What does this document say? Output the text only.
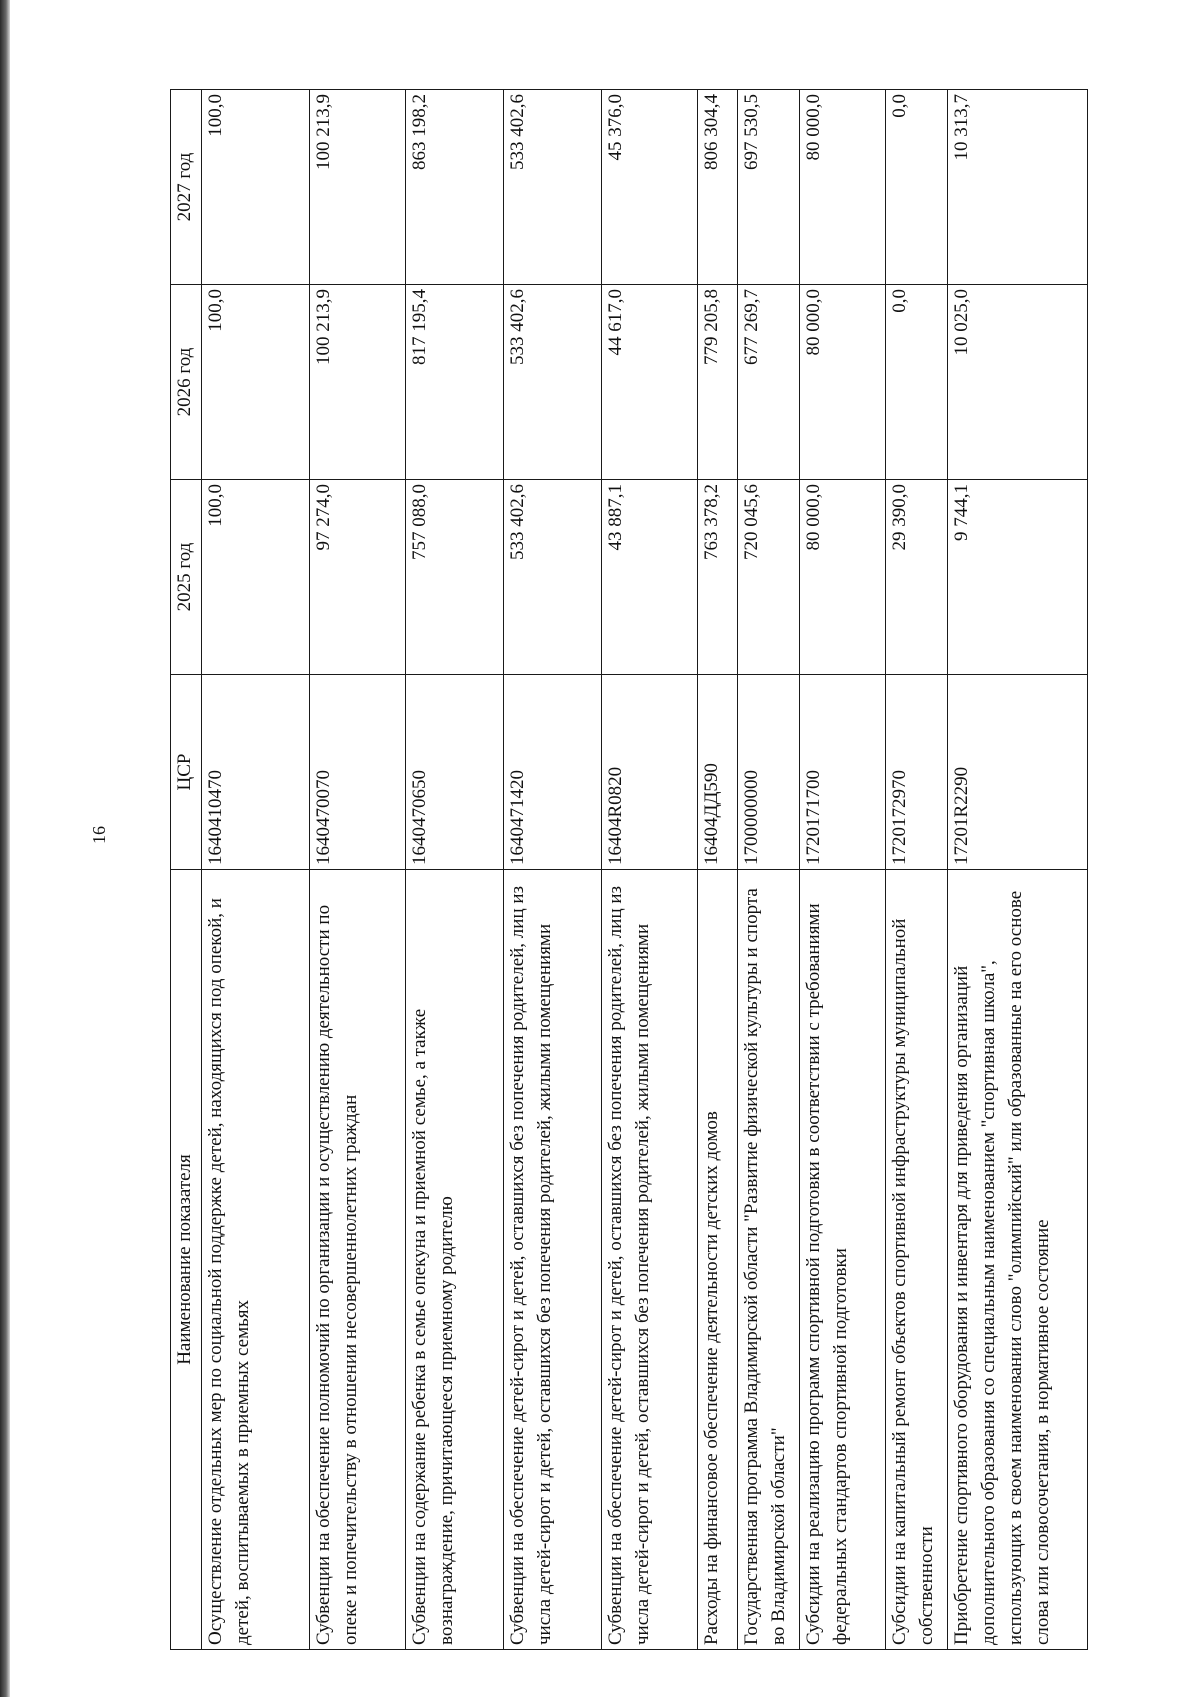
16
Наименование показателя	ЦСР	2025 год	2026 год	2027 год
Осуществление отдельных мер по социальной поддержке детей, находящихся под опекой, и детей, воспитываемых в приемных семьях	1640410470	100,0	100,0	100,0
Субвенции на обеспечение полномочий по организации и осуществлению деятельности по опеке и попечительству в отношении несовершеннолетних граждан	1640470070	97 274,0	100 213,9	100 213,9
Субвенции на содержание ребенка в семье опекуна и приемной семье, а также вознаграждение, причитающееся приемному родителю	1640470650	757 088,0	817 195,4	863 198,2
Субвенции на обеспечение детей-сирот и детей, оставшихся без попечения родителей, лиц из числа детей-сирот и детей, оставшихся без попечения родителей, жилыми помещениями	1640471420	533 402,6	533 402,6	533 402,6
Субвенции на обеспечение детей-сирот и детей, оставшихся без попечения родителей, лиц из числа детей-сирот и детей, оставшихся без попечения родителей, жилыми помещениями	16404R0820	43 887,1	44 617,0	45 376,0
Расходы на финансовое обеспечение деятельности детских домов	16404ДД590	763 378,2	779 205,8	806 304,4
Государственная программа Владимирской области "Развитие физической культуры и спорта во Владимирской области"	1700000000	720 045,6	677 269,7	697 530,5
Субсидии на реализацию программ спортивной подготовки в соответствии с требованиями федеральных стандартов спортивной подготовки	1720171700	80 000,0	80 000,0	80 000,0
Субсидии на капитальный ремонт объектов спортивной инфраструктуры муниципальной собственности	1720172970	29 390,0	0,0	0,0
Приобретение спортивного оборудования и инвентаря для приведения организаций дополнительного образования со специальным наименованием "спортивная школа", использующих в своем наименовании слово "олимпийский" или образованные на его основе слова или словосочетания, в нормативное состояние	17201R2290	9 744,1	10 025,0	10 313,7
